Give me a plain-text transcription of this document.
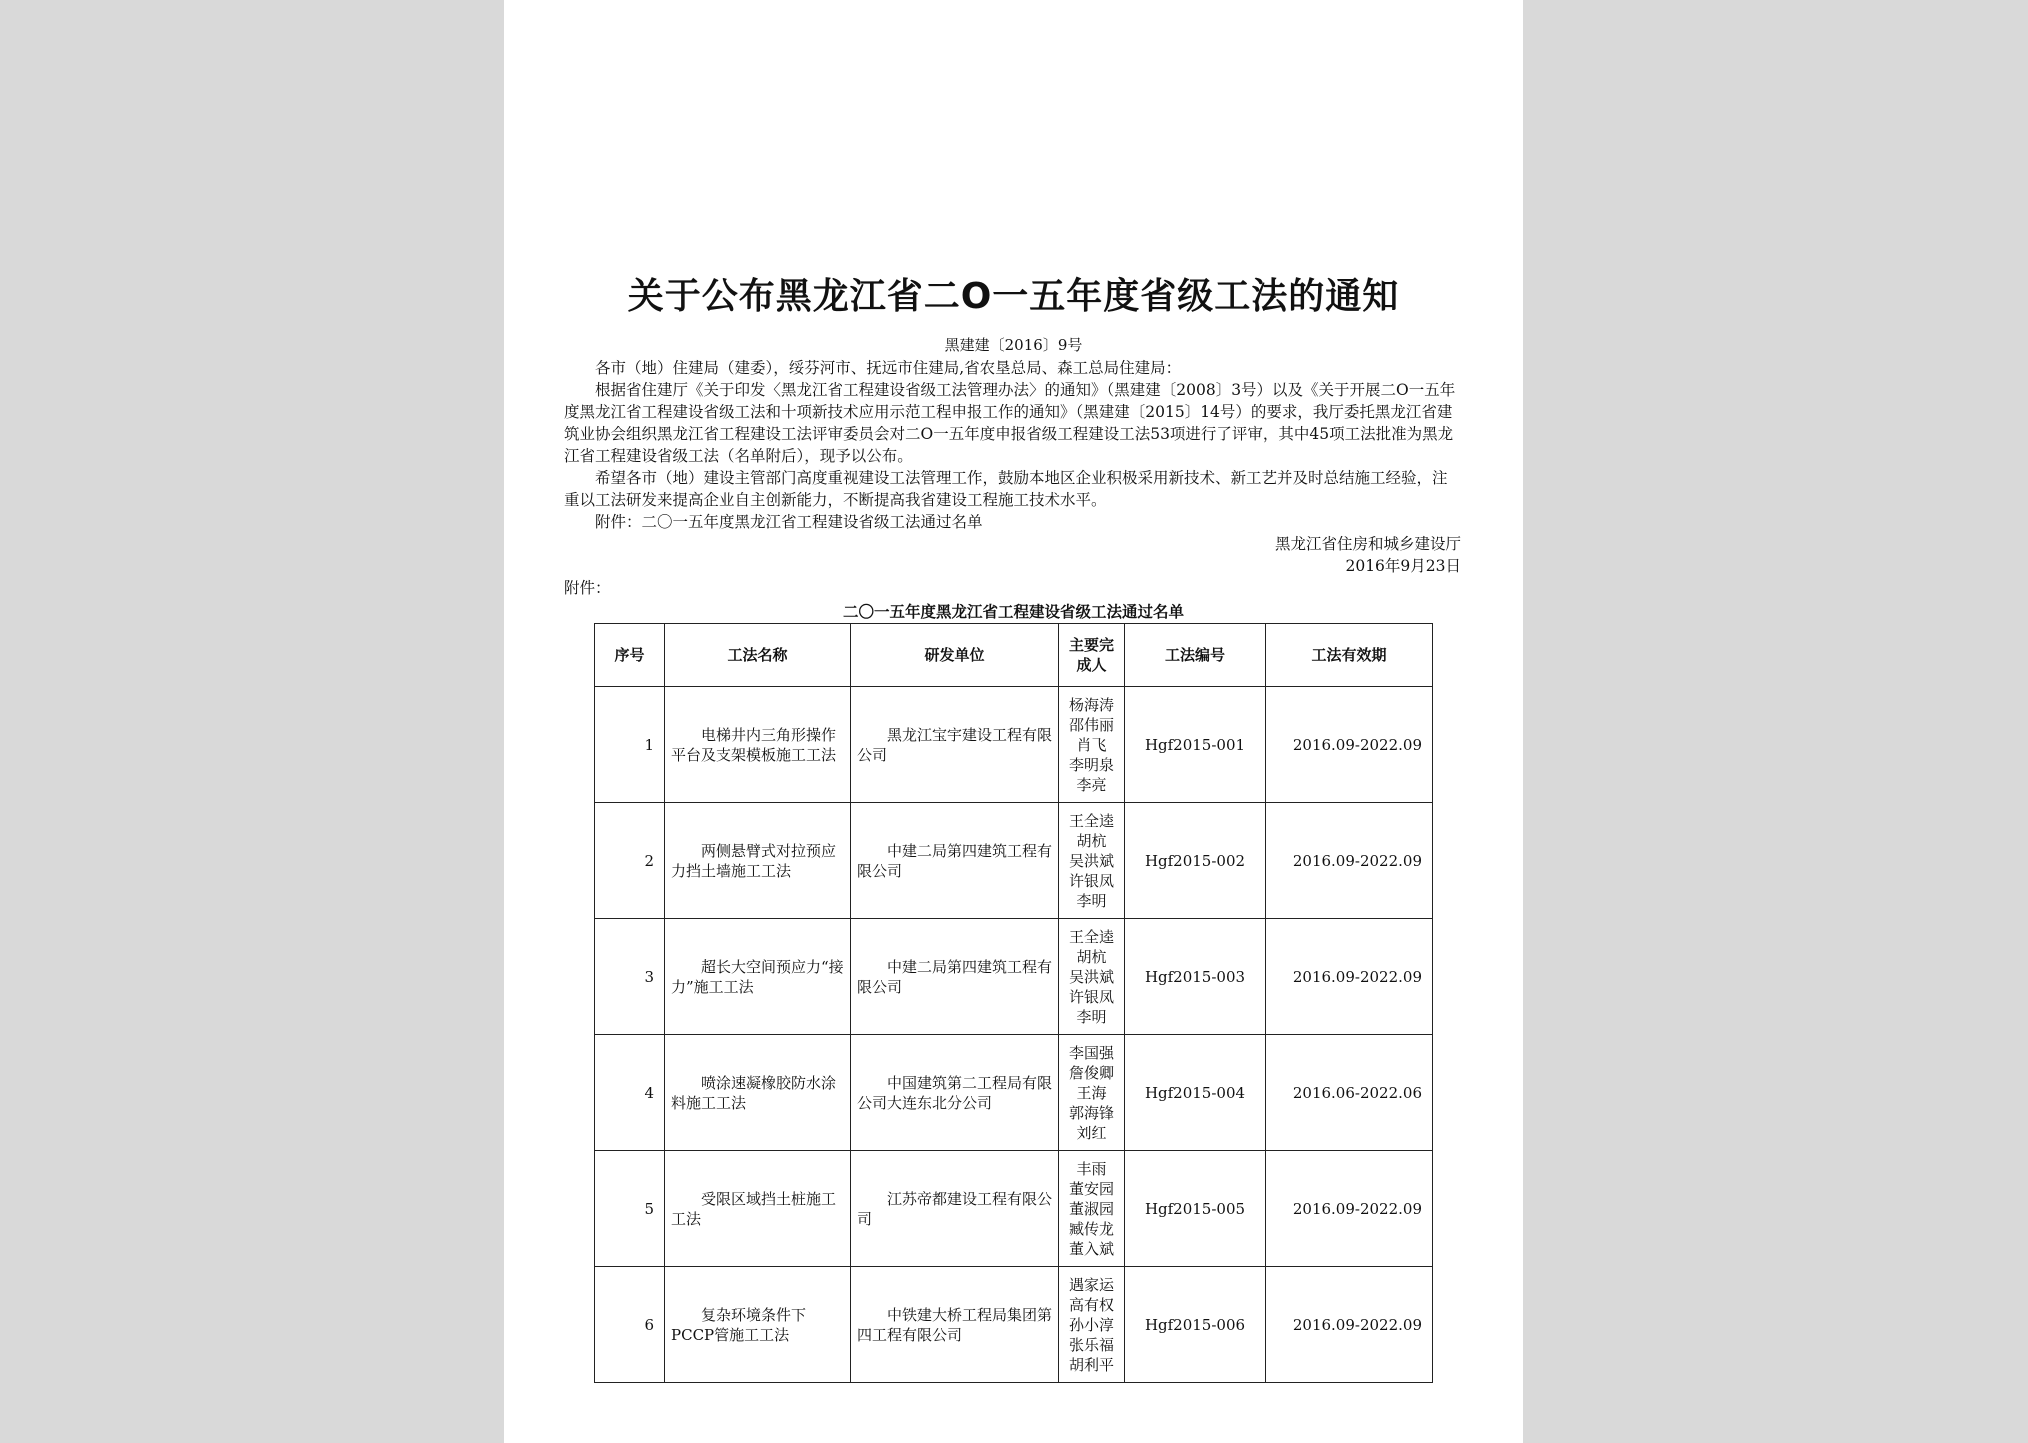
关于公布黑龙江省二O一五年度省级工法的通知
黑建建〔2016〕9号

各市（地）住建局（建委），绥芬河市、抚远市住建局,省农垦总局、森工总局住建局：

根据省住建厅《关于印发〈黑龙江省工程建设省级工法管理办法〉的通知》（黑建建〔2008〕3号）以及《关于开展二O一五年度黑龙江省工程建设省级工法和十项新技术应用示范工程申报工作的通知》（黑建建〔2015〕14号）的要求，我厅委托黑龙江省建筑业协会组织黑龙江省工程建设工法评审委员会对二O一五年度申报省级工程建设工法53项进行了评审，其中45项工法批准为黑龙江省工程建设省级工法（名单附后），现予以公布。

希望各市（地）建设主管部门高度重视建设工法管理工作，鼓励本地区企业积极采用新技术、新工艺并及时总结施工经验，注重以工法研发来提高企业自主创新能力，不断提高我省建设工程施工技术水平。

附件：二〇一五年度黑龙江省工程建设省级工法通过名单

黑龙江省住房和城乡建设厅
2016年9月23日
附件：
二〇一五年度黑龙江省工程建设省级工法通过名单
序号	工法名称	研发单位	主要完成人	工法编号	工法有效期
1	电梯井内三角形操作平台及支架模板施工工法	黑龙江宝宇建设工程有限公司	杨海涛
邵伟丽
肖飞
李明泉
李亮	Hgf2015-001	2016.09-2022.09
2	两侧悬臂式对拉预应力挡土墙施工工法	中建二局第四建筑工程有限公司	王全逵
胡杭
吴洪斌
许银凤
李明	Hgf2015-002	2016.09-2022.09
3	超长大空间预应力“接力”施工工法	中建二局第四建筑工程有限公司	王全逵
胡杭
吴洪斌
许银凤
李明	Hgf2015-003	2016.09-2022.09
4	喷涂速凝橡胶防水涂料施工工法	中国建筑第二工程局有限公司大连东北分公司	李国强
詹俊卿
王海
郭海锋
刘红	Hgf2015-004	2016.06-2022.06
5	受限区域挡土桩施工工法	江苏帝都建设工程有限公司	丰雨
董安园
董淑园
臧传龙
董入斌	Hgf2015-005	2016.09-2022.09
6	复杂环境条件下PCCP管施工工法	中铁建大桥工程局集团第四工程有限公司	遇家运
高有权
孙小淳
张乐福
胡利平	Hgf2015-006	2016.09-2022.09
